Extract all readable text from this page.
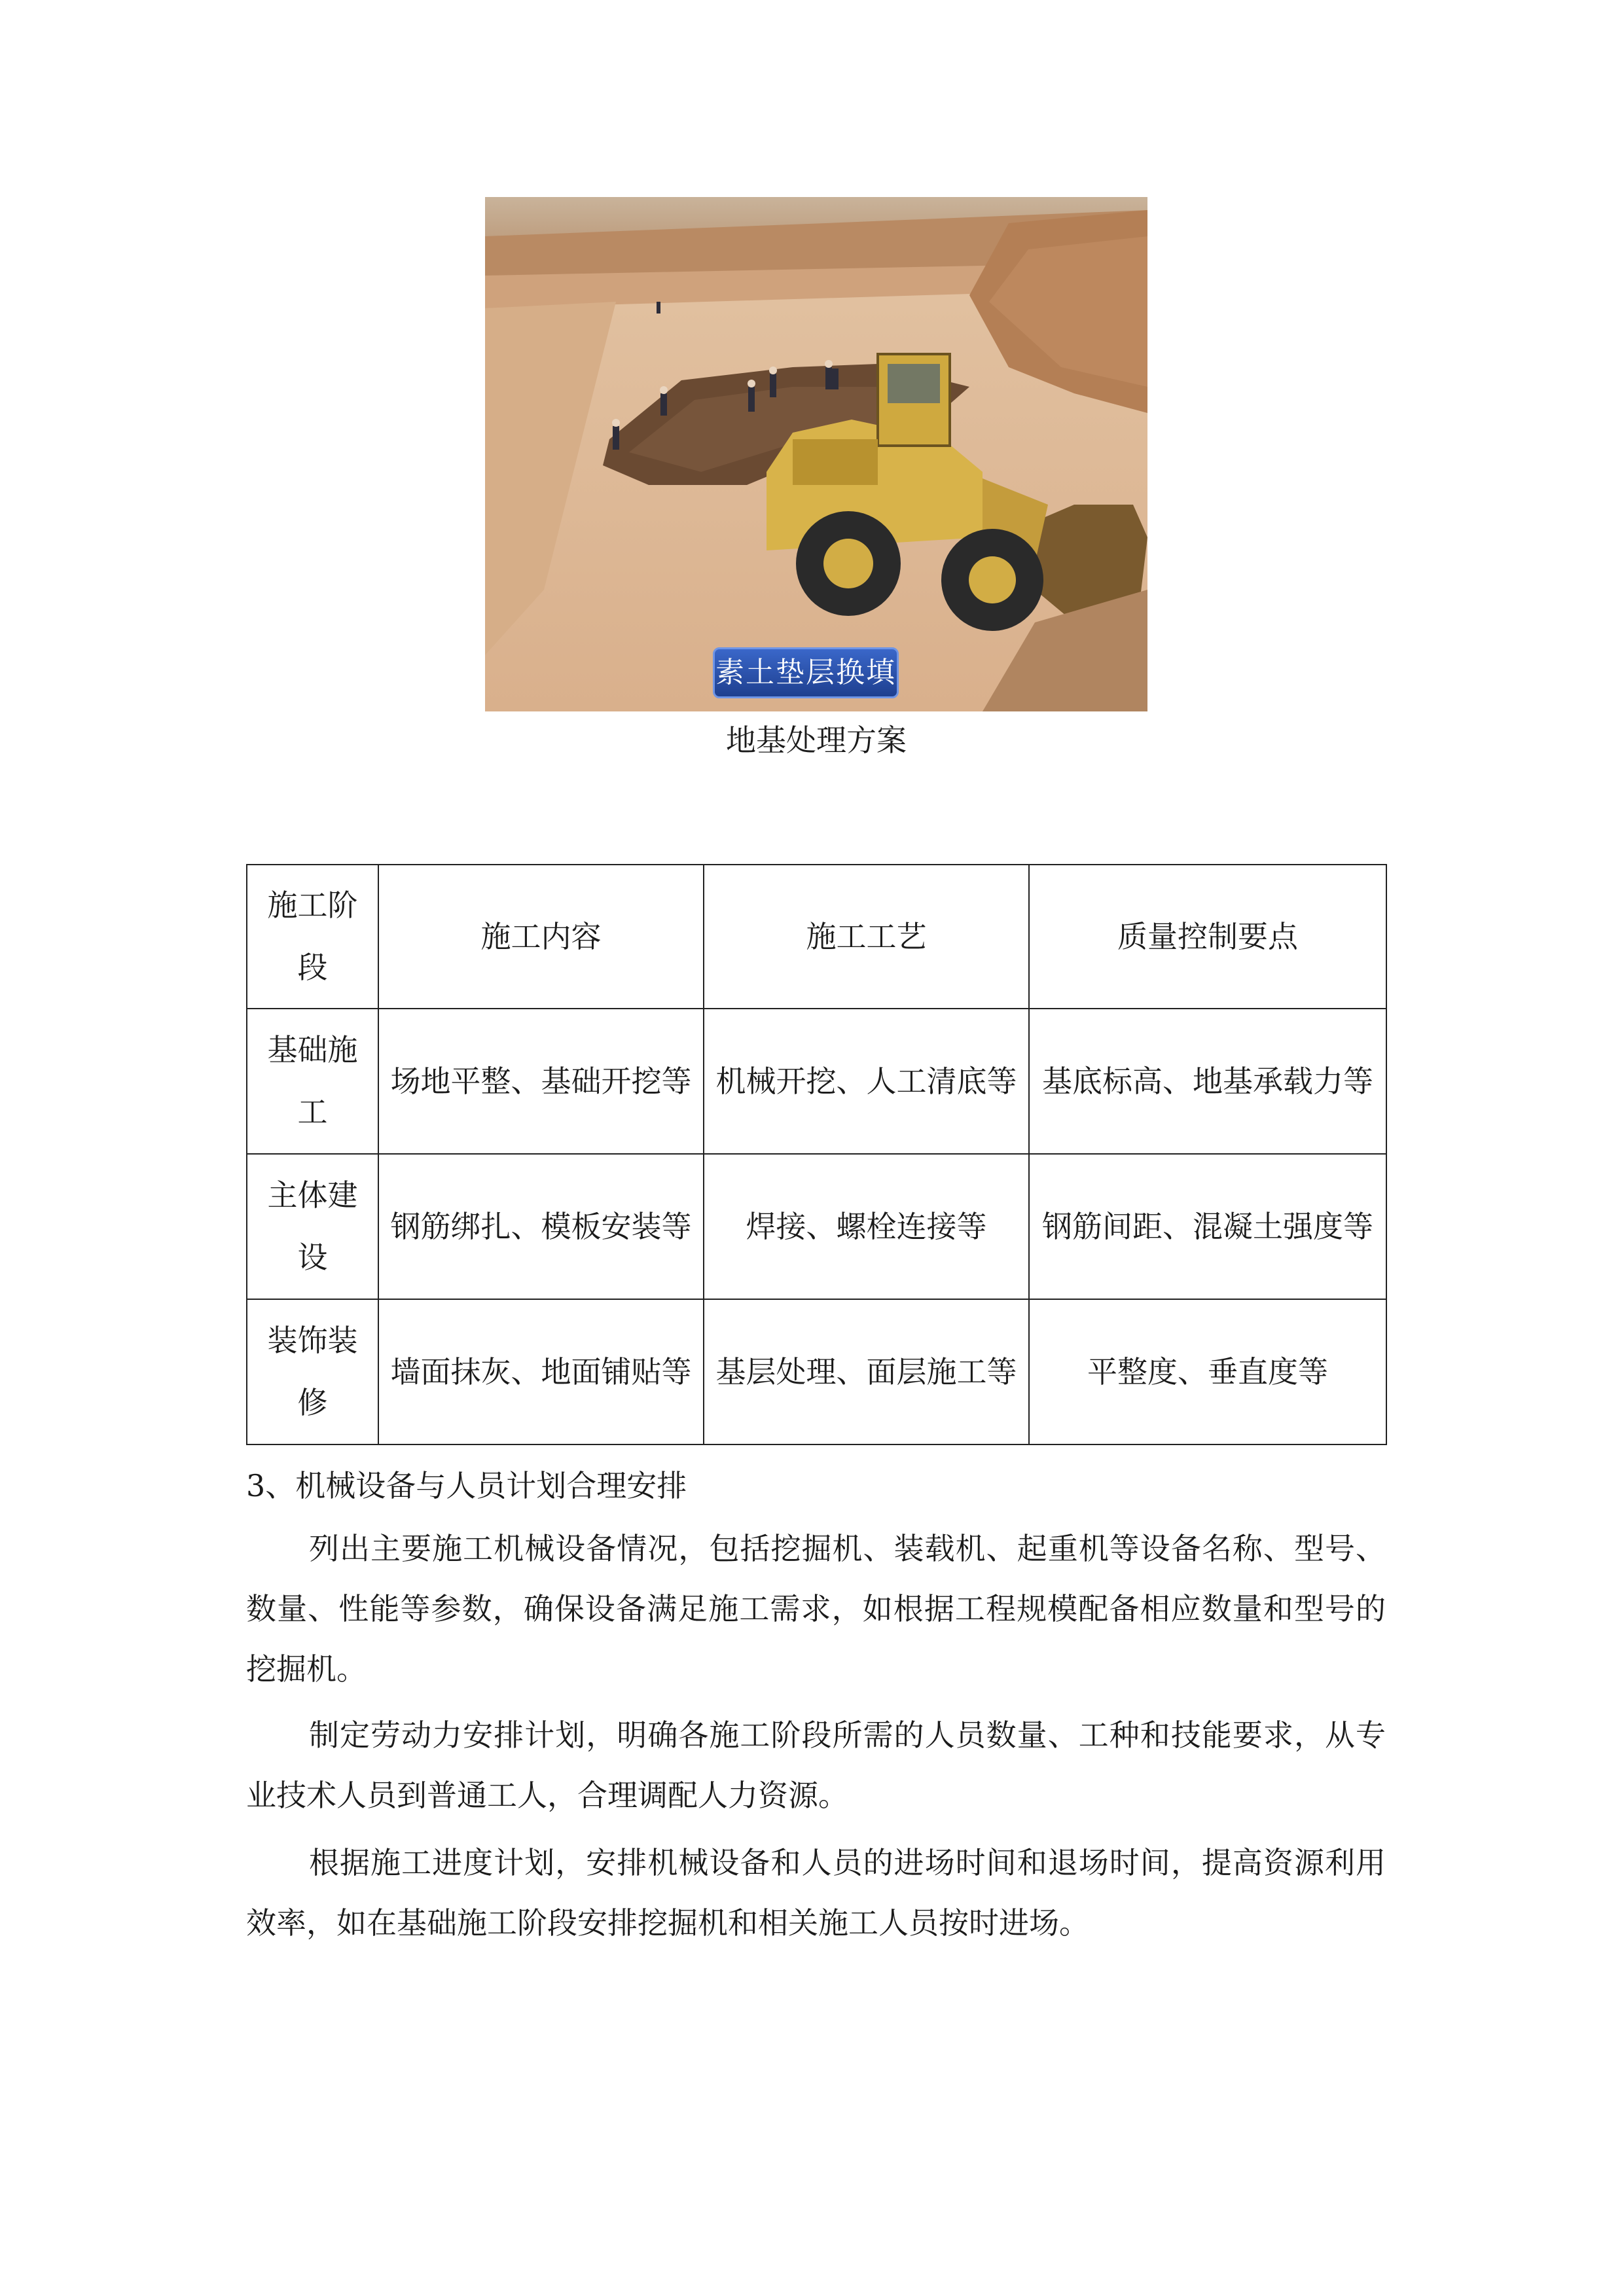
素土垫层换填
地基处理方案
施工阶段	施工内容	施工工艺	质量控制要点
基础施工	场地平整、基础开挖等	机械开挖、人工清底等	基底标高、地基承载力等
主体建设	钢筋绑扎、模板安装等	焊接、螺栓连接等	钢筋间距、混凝土强度等
装饰装修	墙面抹灰、地面铺贴等	基层处理、面层施工等	平整度、垂直度等
3、机械设备与人员计划合理安排

列出主要施工机械设备情况，包括挖掘机、装载机、起重机等设备名称、型号、数量、性能等参数，确保设备满足施工需求，如根据工程规模配备相应数量和型号的挖掘机。

制定劳动力安排计划，明确各施工阶段所需的人员数量、工种和技能要求，从专业技术人员到普通工人，合理调配人力资源。

根据施工进度计划，安排机械设备和人员的进场时间和退场时间，提高资源利用效率，如在基础施工阶段安排挖掘机和相关施工人员按时进场。
